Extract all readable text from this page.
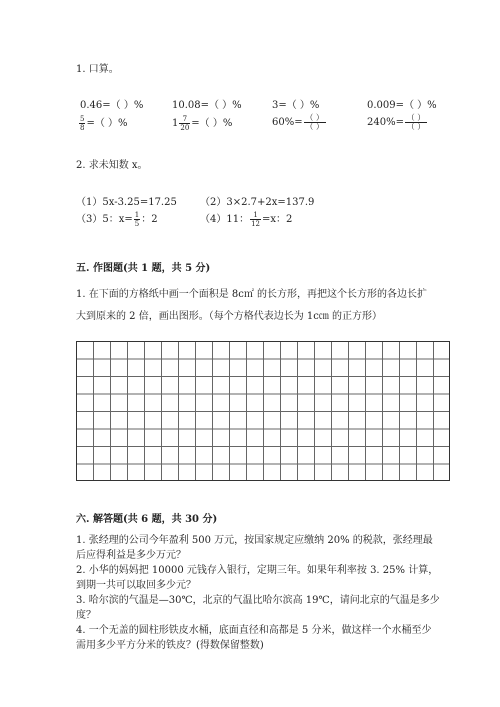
1. 口算。
0.46=（ ）%	10.08=（ ）%	3=（ ）%	0.009=（ ）%
$\frac{5}{8}$ =（ ）%	$1 \frac{7}{20}$ =（ ）%	$60\%= \frac{( )}{( )}$	$240\%= \frac{( )}{( )}$
2. 求未知数 x。
（1）5x-3.25=17.25 （2）3×2.7+2x=137.9
（3）5：$x= \frac{1}{5}$ ：2	（4）11： $\frac{1}{12} =x$：2
五. 作图题(共 1 题，共 5 分)
1. 在下面的方格纸中画一个面积是 8c㎡ 的长方形，再把这个长方形的各边长扩
大到原来的 2 倍，画出图形。（每个方格代表边长为 1c㎝ 的正方形）
六. 解答题(共 6 题，共 30 分)
1. 张经理的公司今年盈利 500 万元，按国家规定应缴纳 20% 的税款，张经理最后应得利益是多少万元？
2. 小华的妈妈把 10000 元钱存入银行，定期三年。如果年利率按 3. 25% 计算，到期一共可以取回多少元？
3. 哈尔滨的气温是—30℃，北京的气温比哈尔滨高 19℃，请问北京的气温是多少度？
4. 一个无盖的圆柱形铁皮水桶，底面直径和高都是 5 分米，做这样一个水桶至少需用多少平方分米的铁皮？(得数保留整数)
